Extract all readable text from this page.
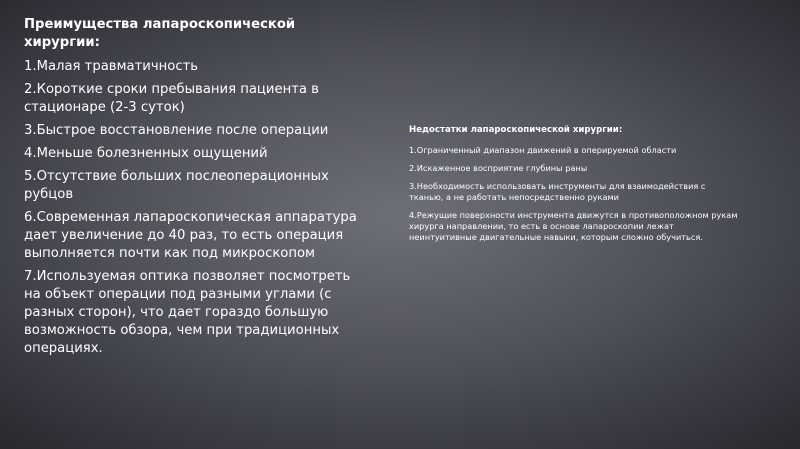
Преимущества лапароскопической хирургии:
1.Малая травматичность
2.Короткие сроки пребывания пациента в стационаре (2-3 суток)
3.Быстрое восстановление после операции
4.Меньше болезненных ощущений
5.Отсутствие больших послеоперационных рубцов
6.Современная лапароскопическая аппаратура дает увеличение до 40 раз, то есть операция выполняется почти как под микроскопом
7.Используемая оптика позволяет посмотреть на объект операции под разными углами (с разных сторон), что дает гораздо большую возможность обзора, чем при традиционных операциях.
Недостатки лапароскопической хирургии:
1.Ограниченный диапазон движений в оперируемой области
2.Искаженное восприятие глубины раны
3.Необходимость использовать инструменты для взаимодействия с тканью, а не работать непосредственно руками
4.Режущие поверхности инструмента движутся в противоположном рукам хирурга направлении, то есть в основе лапароскопии лежат неинтуитивные двигательные навыки, которым сложно обучиться.
